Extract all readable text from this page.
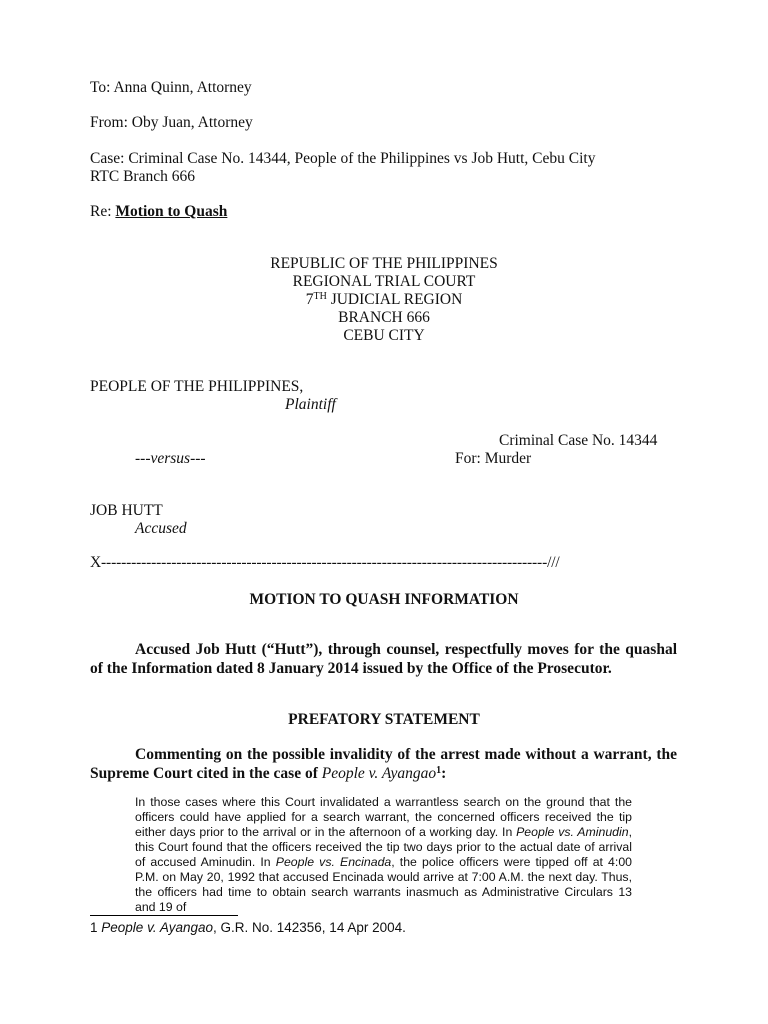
To: Anna Quinn, Attorney
From: Oby Juan, Attorney
Case: Criminal Case No. 14344, People of the Philippines vs Job Hutt, Cebu City
RTC Branch 666
Re: Motion to Quash
REPUBLIC OF THE PHILIPPINES
REGIONAL TRIAL COURT
7TH JUDICIAL REGION
BRANCH 666
CEBU CITY
PEOPLE OF THE PHILIPPINES,
Plaintiff
Criminal Case No. 14344
---versus---	For: Murder
JOB HUTT
Accused
X-----------------------------------------------------------------------------------------///
MOTION TO QUASH INFORMATION
Accused Job Hutt (“Hutt”), through counsel, respectfully moves for the quashal of the Information dated 8 January 2014 issued by the Office of the Prosecutor.
PREFATORY STATEMENT
Commenting on the possible invalidity of the arrest made without a warrant, the Supreme Court cited in the case of People v. Ayangao$^1$:
In those cases where this Court invalidated a warrantless search on the ground that the officers could have applied for a search warrant, the concerned officers received the tip either days prior to the arrival or in the afternoon of a working day. In People vs. Aminudin, this Court found that the officers received the tip two days prior to the actual date of arrival of accused Aminudin. In People vs. Encinada, the police officers were tipped off at 4:00 P.M. on May 20, 1992 that accused Encinada would arrive at 7:00 A.M. the next day. Thus, the officers had time to obtain search warrants inasmuch as Administrative Circulars 13 and 19 of
1 People v. Ayangao, G.R. No. 142356, 14 Apr 2004.
